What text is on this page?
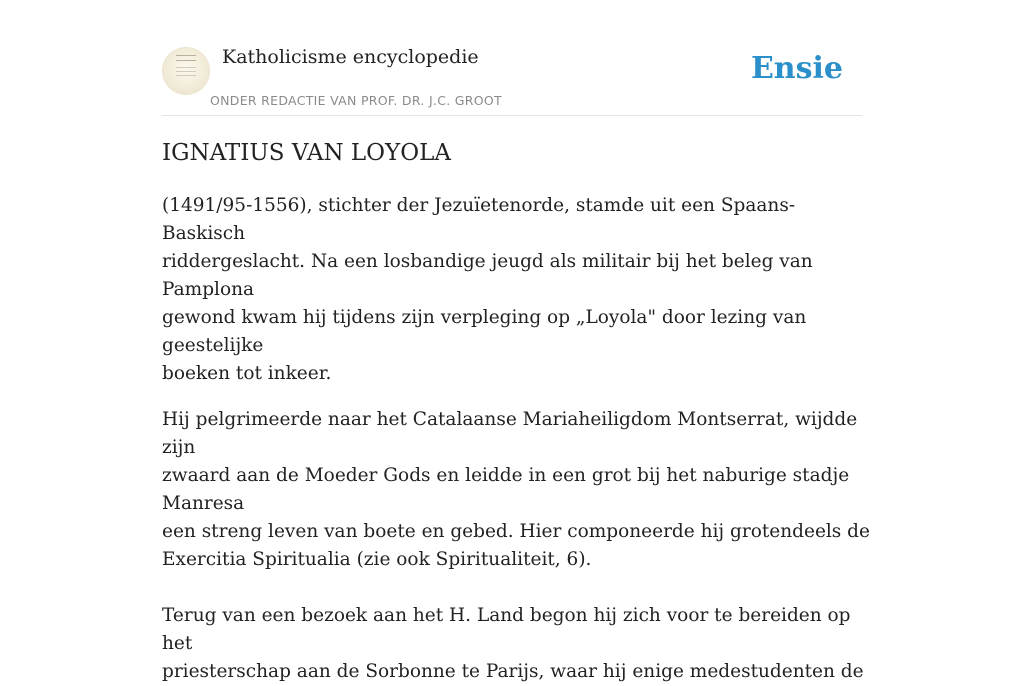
Katholicisme encyclopedie
ONDER REDACTIE VAN PROF. DR. J.C. GROOT
Ensie
IGNATIUS VAN LOYOLA

(1491/95-1556), stichter der Jezuïetenorde, stamde uit een Spaans-Baskisch
riddergeslacht. Na een losbandige jeugd als militair bij het beleg van Pamplona
gewond kwam hij tijdens zijn verpleging op „Loyola" door lezing van geestelijke
boeken tot inkeer.

Hij pelgrimeerde naar het Catalaanse Mariaheiligdom Montserrat, wijdde zijn
zwaard aan de Moeder Gods en leidde in een grot bij het naburige stadje Manresa
een streng leven van boete en gebed. Hier componeerde hij grotendeels de
Exercitia Spiritualia (zie ook Spiritualiteit, 6).

Terug van een bezoek aan het H. Land begon hij zich voor te bereiden op het
priesterschap aan de Sorbonne te Parijs, waar hij enige medestudenten de
